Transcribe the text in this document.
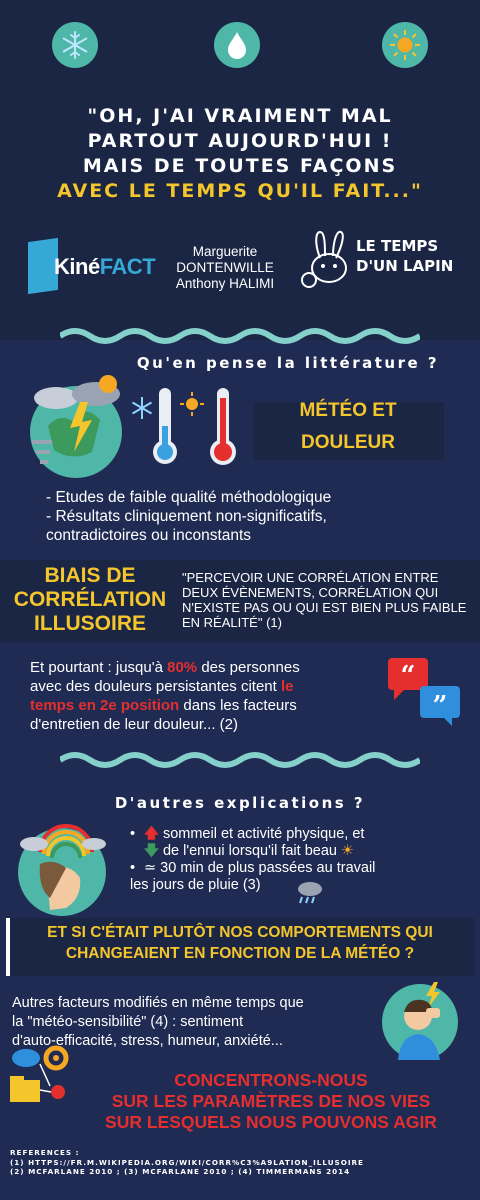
"OH, J'AI VRAIMENT MAL
PARTOUT AUJOURD'HUI !
MAIS DE TOUTES FAÇONS
AVEC LE TEMPS QU'IL FAIT..."
KinéFACT
Marguerite
DONTENWILLE
Anthony HALIMI
LE TEMPS
D'UN LAPIN
Qu'en pense la littérature ?
MÉTÉO ET
DOULEUR
- Etudes de faible qualité méthodologique
- Résultats cliniquement non-significatifs,
contradictoires ou inconstants
BIAIS DE
CORRÉLATION
ILLUSOIRE
"PERCEVOIR UNE CORRÉLATION ENTRE DEUX ÉVÈNEMENTS, CORRÉLATION QUI N'EXISTE PAS OU QUI EST BIEN PLUS FAIBLE EN RÉALITÉ" (1)
Et pourtant : jusqu'à 80% des personnes
avec des douleurs persistantes citent le
temps en 2e position dans les facteurs
d'entretien de leur douleur... (2)
“
”
D'autres explications ?
• 🡅 sommeil et activité physique, et
🡇 de l'ennui lorsqu'il fait beau ☀
• ≃ 30 min de plus passées au travail
les jours de pluie (3)
ET SI C'ÉTAIT PLUTÔT NOS COMPORTEMENTS QUI
CHANGEAIENT EN FONCTION DE LA MÉTÉO ?
Autres facteurs modifiés en même temps que
la "météo-sensibilité" (4) : sentiment
d'auto-efficacité, stress, humeur, anxiété...
CONCENTRONS-NOUS
SUR LES PARAMÈTRES DE NOS VIES
SUR LESQUELS NOUS POUVONS AGIR
REFERENCES :
(1) HTTPS://FR.M.WIKIPEDIA.ORG/WIKI/CORR%C3%A9LATION_ILLUSOIRE
(2) MCFARLANE 2010 ; (3) MCFARLANE 2010 ; (4) TIMMERMANS 2014
